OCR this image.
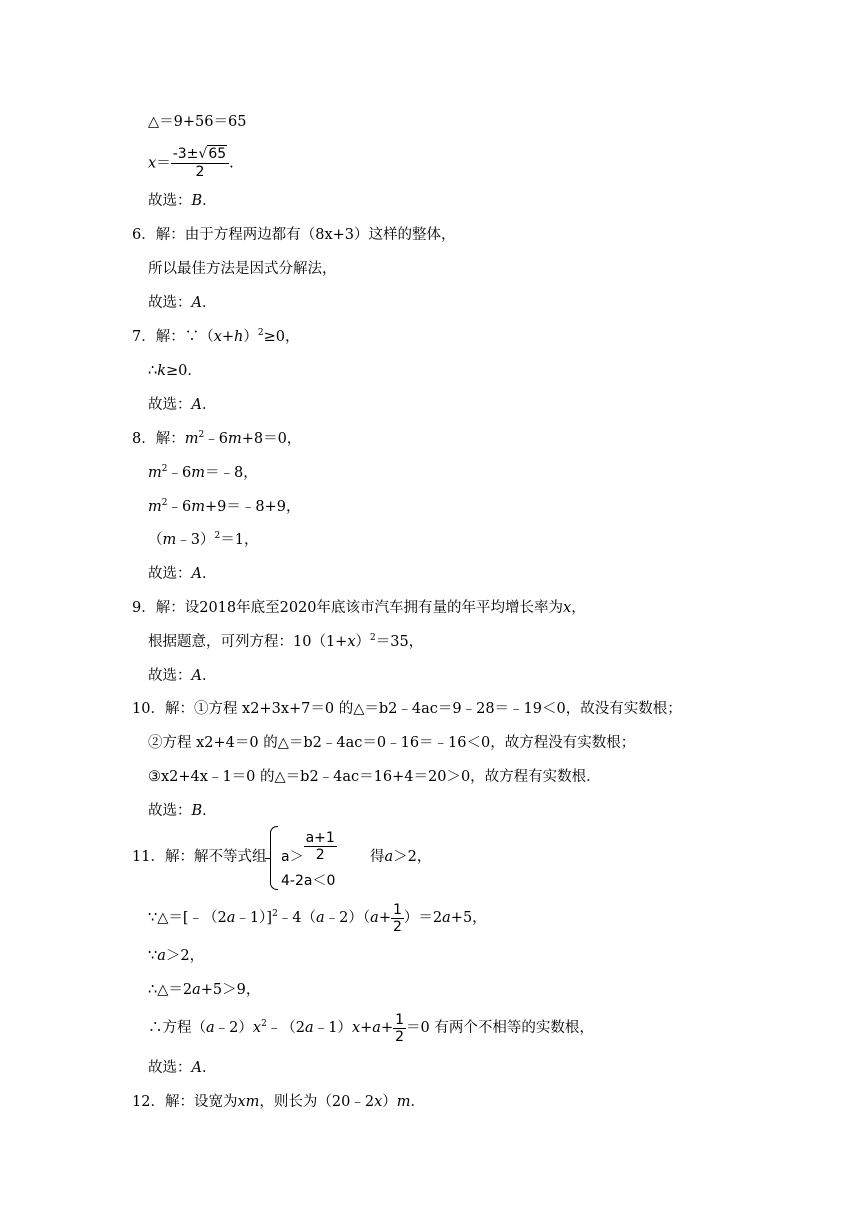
△＝9+56＝65
$x= \frac{-3\pm√65}{2}$ .
故选：B．
6．解：由于方程两边都有（8x+3）这样的整体，
所以最佳方法是因式分解法，
故选：A．
7．解：$\because(x+h)^2\ge 0$，
∴k≥0．
故选：A．
8．解：$m^2﹣6m+8=0$，
$m^2﹣6m=﹣8$，
$m^2﹣6m+9=﹣8+9$，
（m﹣3）$^2$＝1，
故选：A．
9．解：设2018年底至2020年底该市汽车拥有量的年平均增长率为x，
根据题意，可列方程：$10(1+x)^2=35$，
故选：A．
10．解：①方程 x2+3x+7＝0 的△＝b2﹣4ac＝9﹣28＝﹣19＜0，故没有实数根；
②方程 x2+4＝0 的△＝b2﹣4ac＝0﹣16＝﹣16＜0，故方程没有实数根；
③x2+4x﹣1＝0 的△＝b2﹣4ac＝16+4＝20＞0，故方程有实数根．
故选：B．
11．解：解不等式组 $a> \frac{a+1}{2}$
4-2a＜0
得a＞2，
∵△＝[﹣（2a﹣1）]$^2$﹣4（a﹣2）（a+ $\frac{1}{2} )=2a+5$，
∵a＞2，
∴△＝2a+5＞9，
∴方程$(a﹣2)x^2﹣(2a﹣1)x+a+ \frac{1}{2} =0$ 有两个不相等的实数根，
故选：A．
12．解：设宽为xm，则长为（20﹣2x）m．
